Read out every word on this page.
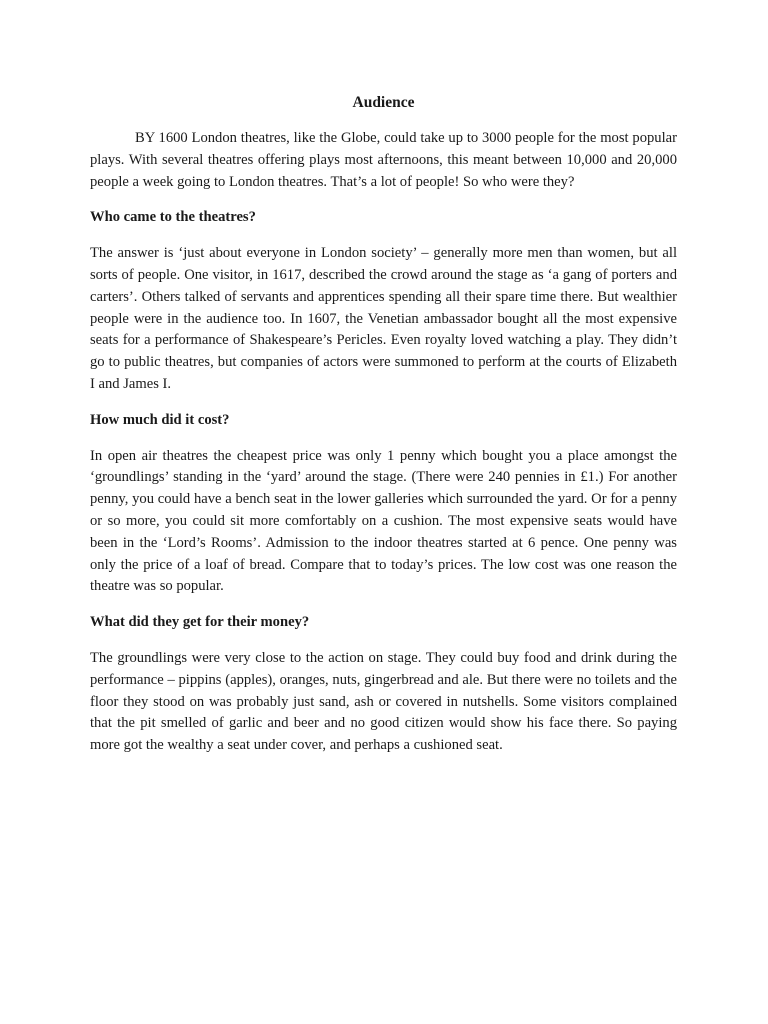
Audience

BY 1600 London theatres, like the Globe, could take up to 3000 people for the most popular plays. With several theatres offering plays most afternoons, this meant between 10,000 and 20,000 people a week going to London theatres. That’s a lot of people! So who were they?

Who came to the theatres?

The answer is ‘just about everyone in London society’ – generally more men than women, but all sorts of people. One visitor, in 1617, described the crowd around the stage as ‘a gang of porters and carters’. Others talked of servants and apprentices spending all their spare time there. But wealthier people were in the audience too. In 1607, the Venetian ambassador bought all the most expensive seats for a performance of Shakespeare’s Pericles. Even royalty loved watching a play. They didn’t go to public theatres, but companies of actors were summoned to perform at the courts of Elizabeth I and James I.

How much did it cost?

In open air theatres the cheapest price was only 1 penny which bought you a place amongst the ‘groundlings’ standing in the ‘yard’ around the stage. (There were 240 pennies in £1.) For another penny, you could have a bench seat in the lower galleries which surrounded the yard. Or for a penny or so more, you could sit more comfortably on a cushion. The most expensive seats would have been in the ‘Lord’s Rooms’. Admission to the indoor theatres started at 6 pence. One penny was only the price of a loaf of bread. Compare that to today’s prices. The low cost was one reason the theatre was so popular.

What did they get for their money?

The groundlings were very close to the action on stage. They could buy food and drink during the performance – pippins (apples), oranges, nuts, gingerbread and ale. But there were no toilets and the floor they stood on was probably just sand, ash or covered in nutshells. Some visitors complained that the pit smelled of garlic and beer and no good citizen would show his face there. So paying more got the wealthy a seat under cover, and perhaps a cushioned seat.
